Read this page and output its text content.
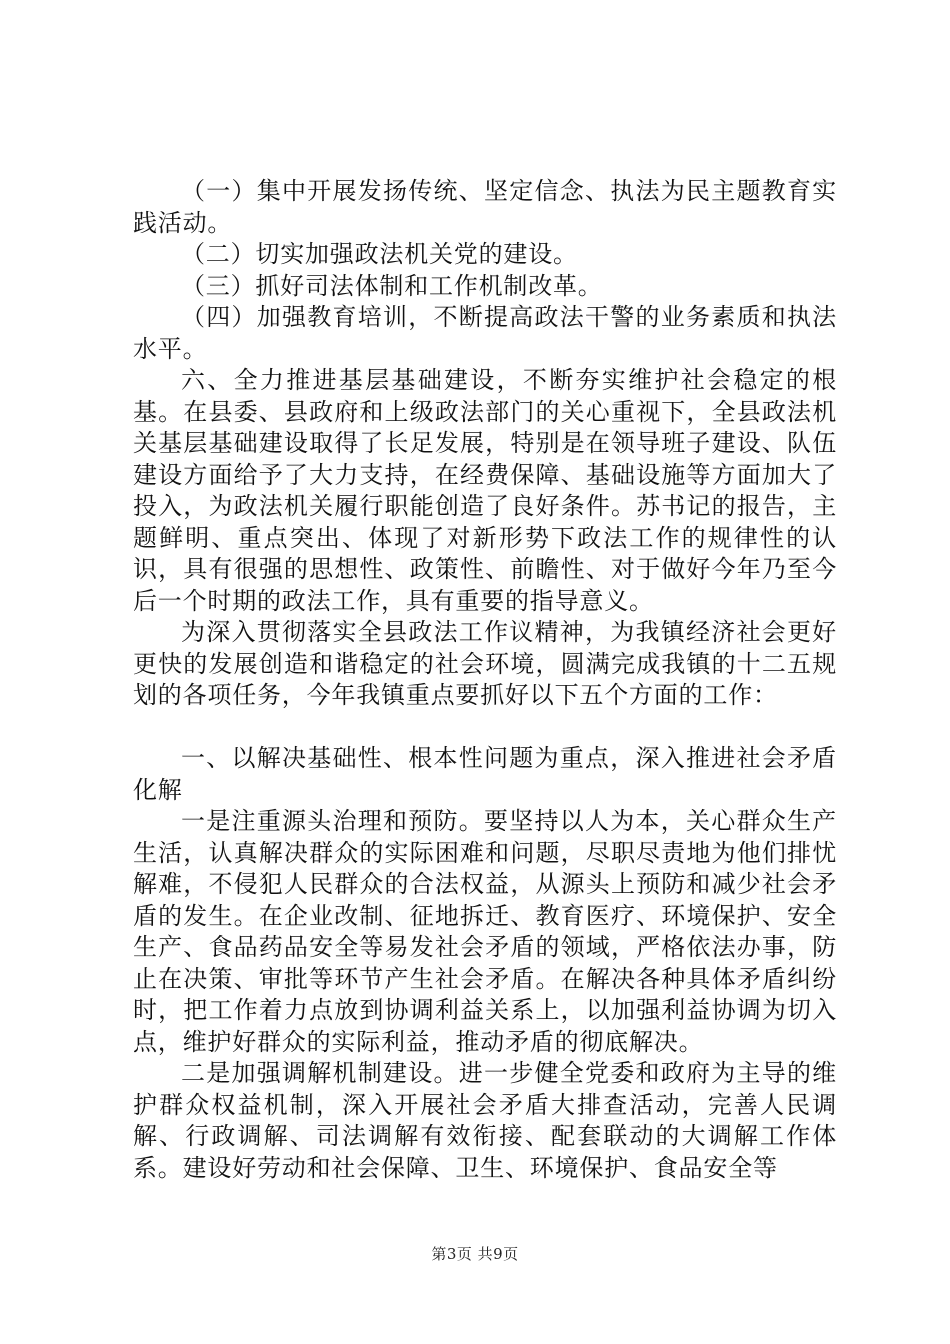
（一）集中开展发扬传统、坚定信念、执法为民主题教育实践活动。

（二）切实加强政法机关党的建设。

（三）抓好司法体制和工作机制改革。

（四）加强教育培训，不断提高政法干警的业务素质和执法水平。

六、全力推进基层基础建设，不断夯实维护社会稳定的根基。在县委、县政府和上级政法部门的关心重视下，全县政法机关基层基础建设取得了长足发展，特别是在领导班子建设、队伍建设方面给予了大力支持，在经费保障、基础设施等方面加大了投入，为政法机关履行职能创造了良好条件。苏书记的报告，主题鲜明、重点突出、体现了对新形势下政法工作的规律性的认识，具有很强的思想性、政策性、前瞻性、对于做好今年乃至今后一个时期的政法工作，具有重要的指导意义。

为深入贯彻落实全县政法工作议精神，为我镇经济社会更好更快的发展创造和谐稳定的社会环境，圆满完成我镇的十二五规划的各项任务，今年我镇重点要抓好以下五个方面的工作：

一、以解决基础性、根本性问题为重点，深入推进社会矛盾化解

一是注重源头治理和预防。要坚持以人为本，关心群众生产生活，认真解决群众的实际困难和问题，尽职尽责地为他们排忧解难，不侵犯人民群众的合法权益，从源头上预防和减少社会矛盾的发生。在企业改制、征地拆迁、教育医疗、环境保护、安全生产、食品药品安全等易发社会矛盾的领域，严格依法办事，防止在决策、审批等环节产生社会矛盾。在解决各种具体矛盾纠纷时，把工作着力点放到协调利益关系上，以加强利益协调为切入点，维护好群众的实际利益，推动矛盾的彻底解决。

二是加强调解机制建设。进一步健全党委和政府为主导的维护群众权益机制，深入开展社会矛盾大排查活动，完善人民调解、行政调解、司法调解有效衔接、配套联动的大调解工作体系。建设好劳动和社会保障、卫生、环境保护、食品安全等

第3页 共9页
